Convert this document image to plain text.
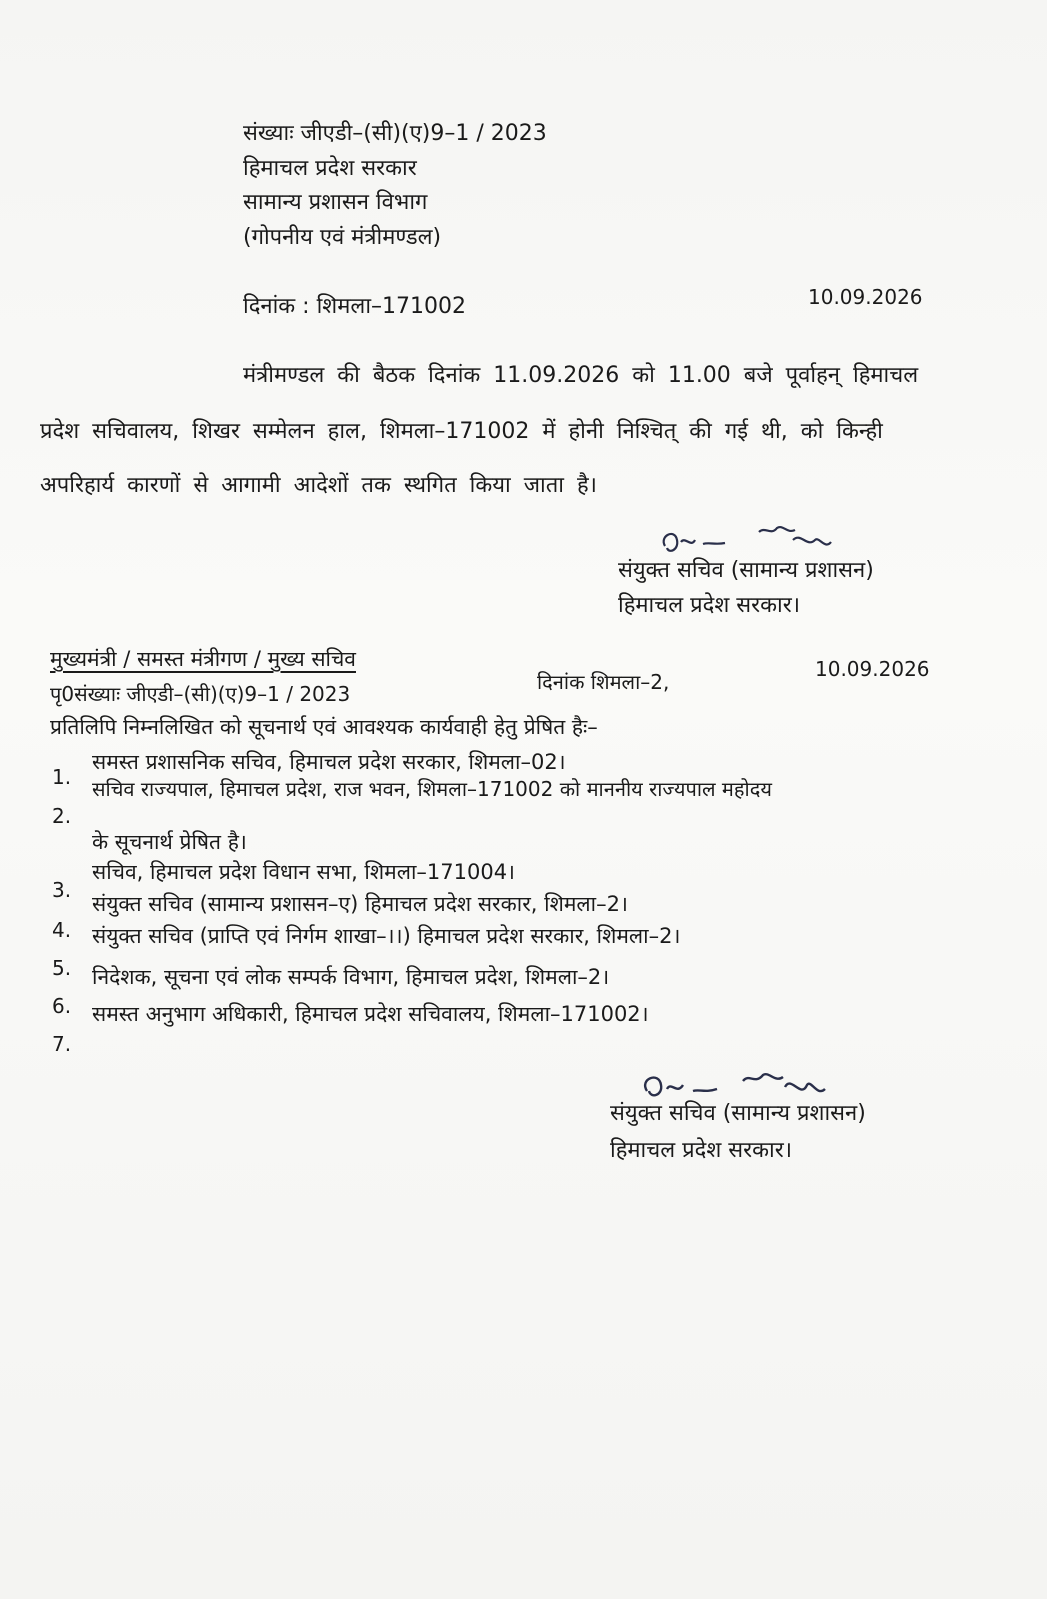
संख्याः जीएडी–(सी)(ए)9–1 / 2023
हिमाचल प्रदेश सरकार
सामान्य प्रशासन विभाग
(गोपनीय एवं मंत्रीमण्डल)
दिनांक : शिमला–171002	10.09.2026
मंत्रीमण्डल की बैठक दिनांक 11.09.2026 को 11.00 बजे पूर्वाहन् हिमाचल
प्रदेश सचिवालय, शिखर सम्मेलन हाल, शिमला–171002 में होनी निश्चित् की गई थी, को किन्ही
अपरिहार्य कारणों से आगामी आदेशों तक स्थगित किया जाता है।
संयुक्त सचिव (सामान्य प्रशासन)
हिमाचल प्रदेश सरकार।
मुख्यमंत्री / समस्त मंत्रीगण / मुख्य सचिव
पृ0संख्याः जीएडी–(सी)(ए)9–1 / 2023	दिनांक शिमला–2,
10.09.2026
प्रतिलिपि निम्नलिखित को सूचनार्थ एवं आवश्यक कार्यवाही हेतु प्रेषित हैः–
1.
समस्त प्रशासनिक सचिव, हिमाचल प्रदेश सरकार, शिमला–02।
2.
सचिव राज्यपाल, हिमाचल प्रदेश, राज भवन, शिमला–171002 को माननीय राज्यपाल महोदय
के सूचनार्थ प्रेषित है।
3.
सचिव, हिमाचल प्रदेश विधान सभा, शिमला–171004।
4.
संयुक्त सचिव (सामान्य प्रशासन–ए) हिमाचल प्रदेश सरकार, शिमला–2।
5.
संयुक्त सचिव (प्राप्ति एवं निर्गम शाखा–।।) हिमाचल प्रदेश सरकार, शिमला–2।
6.
निदेशक, सूचना एवं लोक सम्पर्क विभाग, हिमाचल प्रदेश, शिमला–2।
7.
समस्त अनुभाग अधिकारी, हिमाचल प्रदेश सचिवालय, शिमला–171002।
संयुक्त सचिव (सामान्य प्रशासन)
हिमाचल प्रदेश सरकार।
